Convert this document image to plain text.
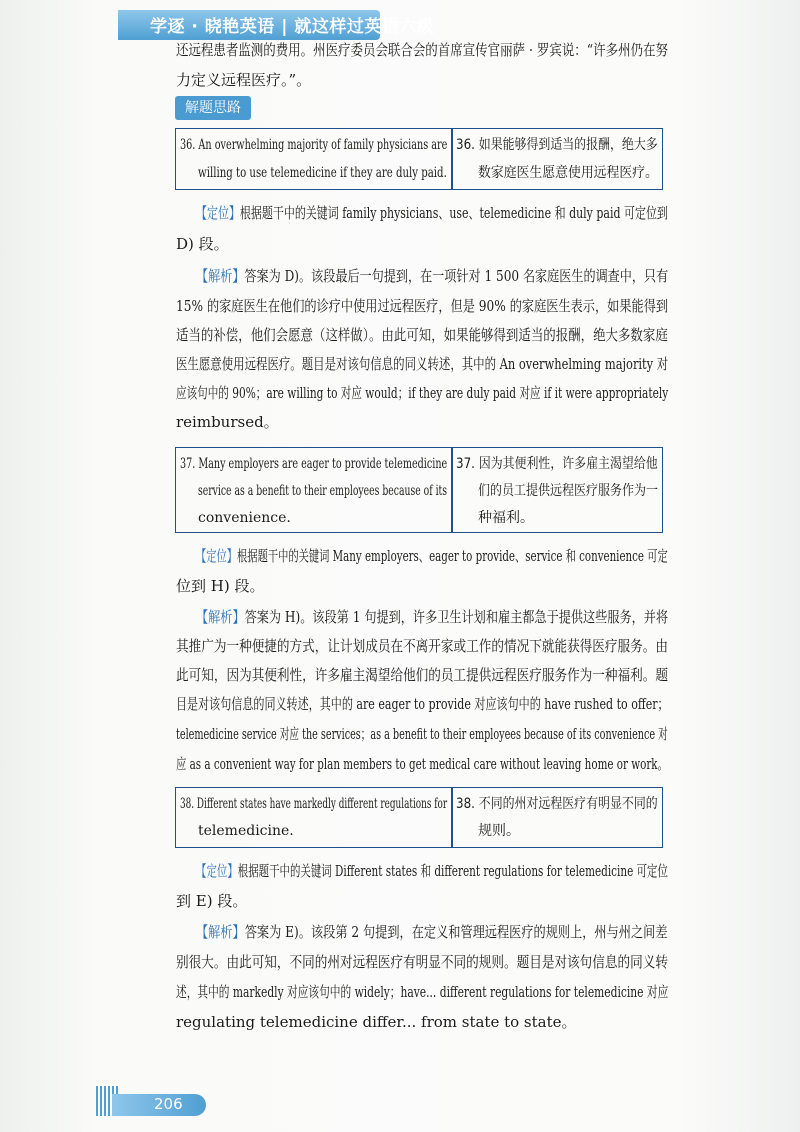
学逐 · 晓艳英语 | 就这样过英语六级
还远程患者监测的费用。州医疗委员会联合会的首席宣传官丽萨 · 罗宾说：“许多州仍在努
力定义远程医疗。”。
解题思路
36. An overwhelming majority of family physicians are
willing to use telemedicine if they are duly paid.
36. 如果能够得到适当的报酬，绝大多
数家庭医生愿意使用远程医疗。
【定位】根据题干中的关键词 family physicians、use、telemedicine 和 duly paid 可定位到
D) 段。
【解析】答案为 D)。该段最后一句提到，在一项针对 1 500 名家庭医生的调查中，只有
15% 的家庭医生在他们的诊疗中使用过远程医疗，但是 90% 的家庭医生表示，如果能得到
适当的补偿，他们会愿意（这样做）。由此可知，如果能够得到适当的报酬，绝大多数家庭
医生愿意使用远程医疗。题目是对该句信息的同义转述，其中的 An overwhelming majority 对
应该句中的 90%；are willing to 对应 would；if they are duly paid 对应 if it were appropriately
reimbursed。
37. Many employers are eager to provide telemedicine
service as a benefit to their employees because of its
convenience.
37. 因为其便利性，许多雇主渴望给他
们的员工提供远程医疗服务作为一
种福利。
【定位】根据题干中的关键词 Many employers、eager to provide、service 和 convenience 可定
位到 H) 段。
【解析】答案为 H)。该段第 1 句提到，许多卫生计划和雇主都急于提供这些服务，并将
其推广为一种便捷的方式，让计划成员在不离开家或工作的情况下就能获得医疗服务。由
此可知，因为其便利性，许多雇主渴望给他们的员工提供远程医疗服务作为一种福利。题
目是对该句信息的同义转述，其中的 are eager to provide 对应该句中的 have rushed to offer；
telemedicine service 对应 the services；as a benefit to their employees because of its convenience 对
应 as a convenient way for plan members to get medical care without leaving home or work。
38. Different states have markedly different regulations for
telemedicine.
38. 不同的州对远程医疗有明显不同的
规则。
【定位】根据题干中的关键词 Different states 和 different regulations for telemedicine 可定位
到 E) 段。
【解析】答案为 E)。该段第 2 句提到，在定义和管理远程医疗的规则上，州与州之间差
别很大。由此可知，不同的州对远程医疗有明显不同的规则。题目是对该句信息的同义转
述，其中的 markedly 对应该句中的 widely；have... different regulations for telemedicine 对应
regulating telemedicine differ... from state to state。
206
